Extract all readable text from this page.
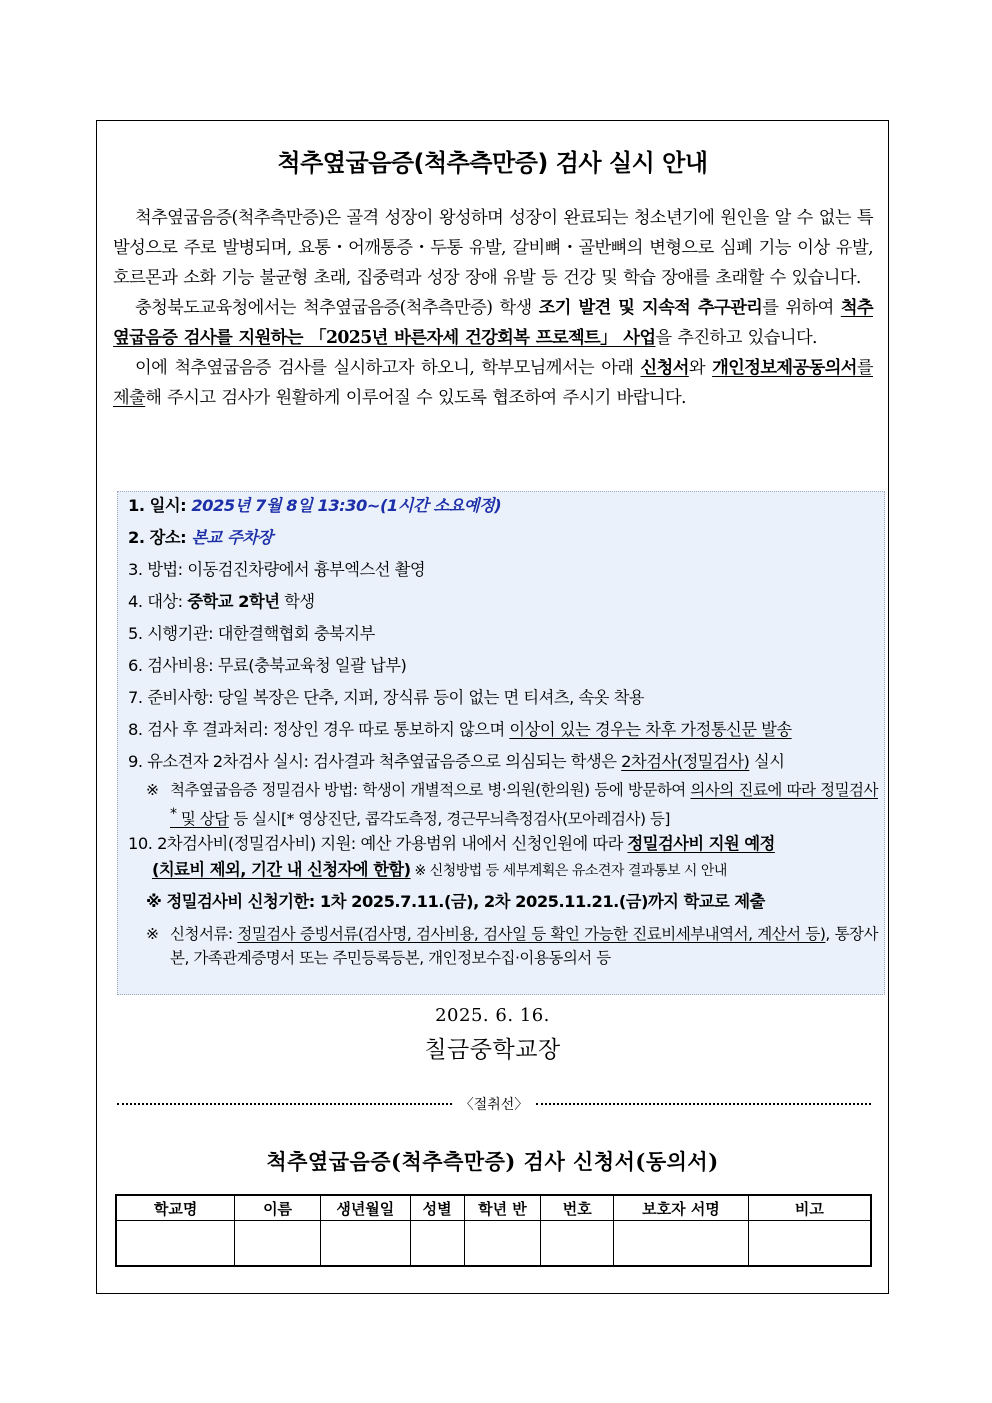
척추옆굽음증(척추측만증) 검사 실시 안내

척추옆굽음증(척추측만증)은 골격 성장이 왕성하며 성장이 완료되는 청소년기에 원인을 알 수 없는 특발성으로 주로 발병되며, 요통・어깨통증・두통 유발, 갈비뼈・골반뼈의 변형으로 심폐 기능 이상 유발, 호르몬과 소화 기능 불균형 초래, 집중력과 성장 장애 유발 등 건강 및 학습 장애를 초래할 수 있습니다.

충청북도교육청에서는 척추옆굽음증(척추측만증) 학생 조기 발견 및 지속적 추구관리를 위하여 척추옆굽음증 검사를 지원하는 「2025년 바른자세 건강회복 프로젝트」 사업을 추진하고 있습니다.

이에 척추옆굽음증 검사를 실시하고자 하오니, 학부모님께서는 아래 신청서와 개인정보제공동의서를 제출해 주시고 검사가 원활하게 이루어질 수 있도록 협조하여 주시기 바랍니다.

1. 일시: 2025년 7월 8일 13:30~(1시간 소요예정)
2. 장소: 본교 주차장
3. 방법: 이동검진차량에서 흉부엑스선 촬영
4. 대상: 중학교 2학년 학생
5. 시행기관: 대한결핵협회 충북지부
6. 검사비용: 무료(충북교육청 일괄 납부)
7. 준비사항: 당일 복장은 단추, 지퍼, 장식류 등이 없는 면 티셔츠, 속옷 착용
8. 검사 후 결과처리: 정상인 경우 따로 통보하지 않으며 이상이 있는 경우는 차후 가정통신문 발송
9. 유소견자 2차검사 실시: 검사결과 척추옆굽음증으로 의심되는 학생은 2차검사(정밀검사) 실시
※ 척추옆굽음증 정밀검사 방법: 학생이 개별적으로 병·의원(한의원) 등에 방문하여 의사의 진료에 따라 정밀검사* 및 상담 등 실시[* 영상진단, 콥각도측정, 경근무늬측정검사(모아레검사) 등]
10. 2차검사비(정밀검사비) 지원: 예산 가용범위 내에서 신청인원에 따라 정밀검사비 지원 예정
(치료비 제외, 기간 내 신청자에 한함) ※ 신청방법 등 세부계획은 유소견자 결과통보 시 안내
※ 정밀검사비 신청기한: 1차 2025.7.11.(금), 2차 2025.11.21.(금)까지 학교로 제출
※ 신청서류: 정밀검사 증빙서류(검사명, 검사비용, 검사일 등 확인 가능한 진료비세부내역서, 계산서 등), 통장사본, 가족관계증명서 또는 주민등록등본, 개인정보수집·이용동의서 등
2025. 6. 16.
칠금중학교장
〈절취선〉
척추옆굽음증(척추측만증) 검사 신청서(동의서)
학교명	이름	생년월일	성별	학년 반	번호	보호자 서명	비고
